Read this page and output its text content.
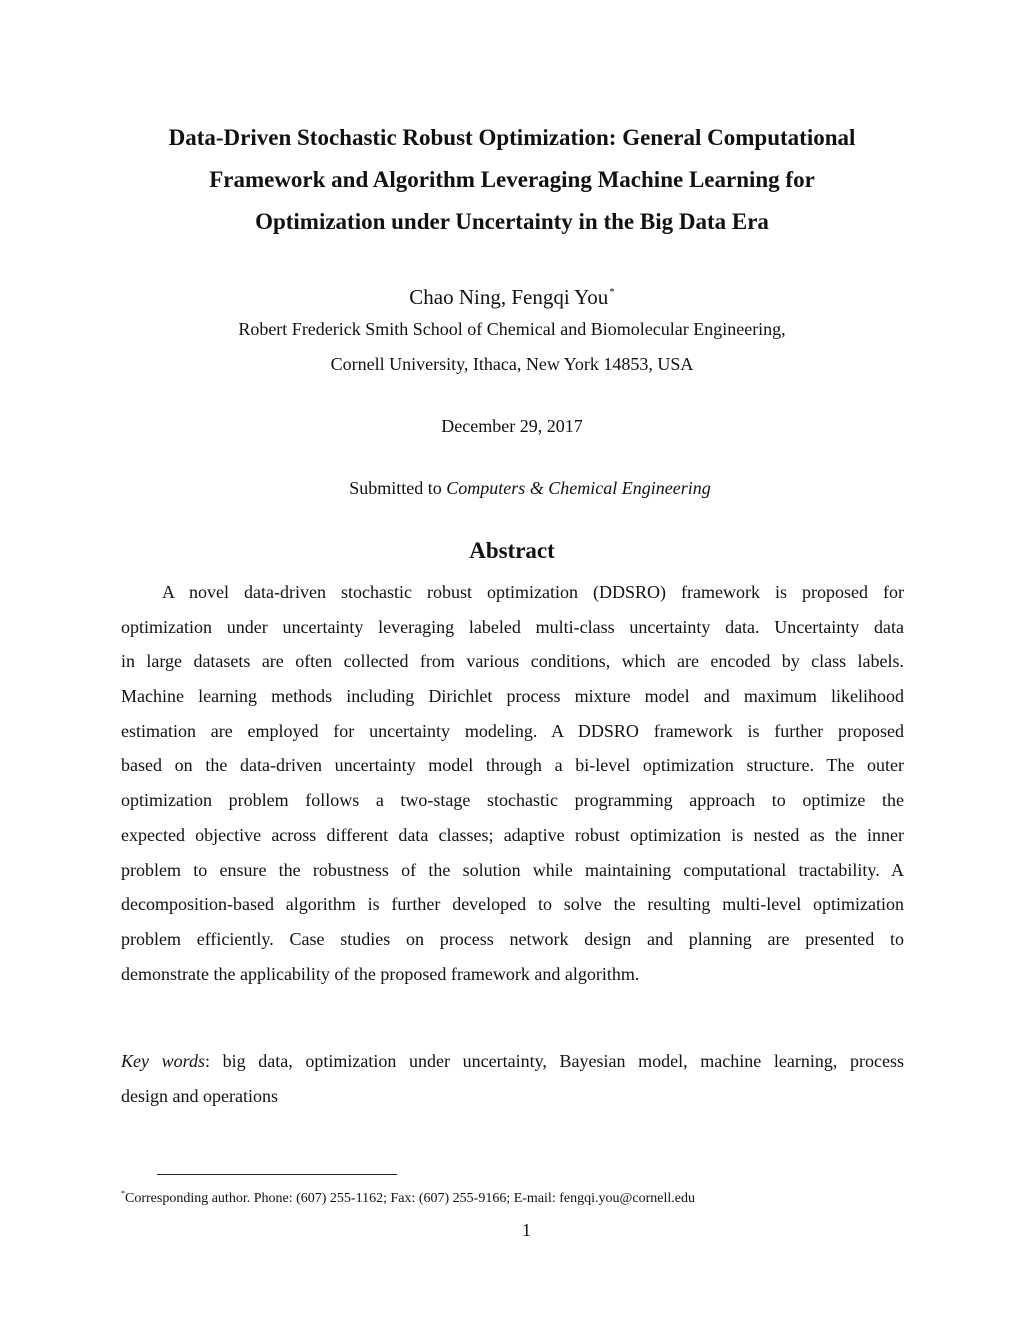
Data-Driven Stochastic Robust Optimization: General Computational
Framework and Algorithm Leveraging Machine Learning for
Optimization under Uncertainty in the Big Data Era
Chao Ning, Fengqi You*
Robert Frederick Smith School of Chemical and Biomolecular Engineering,
Cornell University, Ithaca, New York 14853, USA
December 29, 2017
Submitted to Computers & Chemical Engineering
Abstract
A novel data-driven stochastic robust optimization (DDSRO) framework is proposed for
optimization under uncertainty leveraging labeled multi-class uncertainty data. Uncertainty data
in large datasets are often collected from various conditions, which are encoded by class labels.
Machine learning methods including Dirichlet process mixture model and maximum likelihood
estimation are employed for uncertainty modeling. A DDSRO framework is further proposed
based on the data-driven uncertainty model through a bi-level optimization structure. The outer
optimization problem follows a two-stage stochastic programming approach to optimize the
expected objective across different data classes; adaptive robust optimization is nested as the inner
problem to ensure the robustness of the solution while maintaining computational tractability. A
decomposition-based algorithm is further developed to solve the resulting multi-level optimization
problem efficiently. Case studies on process network design and planning are presented to
demonstrate the applicability of the proposed framework and algorithm.
Key words: big data, optimization under uncertainty, Bayesian model, machine learning, process
design and operations
*Corresponding author. Phone: (607) 255-1162; Fax: (607) 255-9166; E-mail: fengqi.you@cornell.edu
1
